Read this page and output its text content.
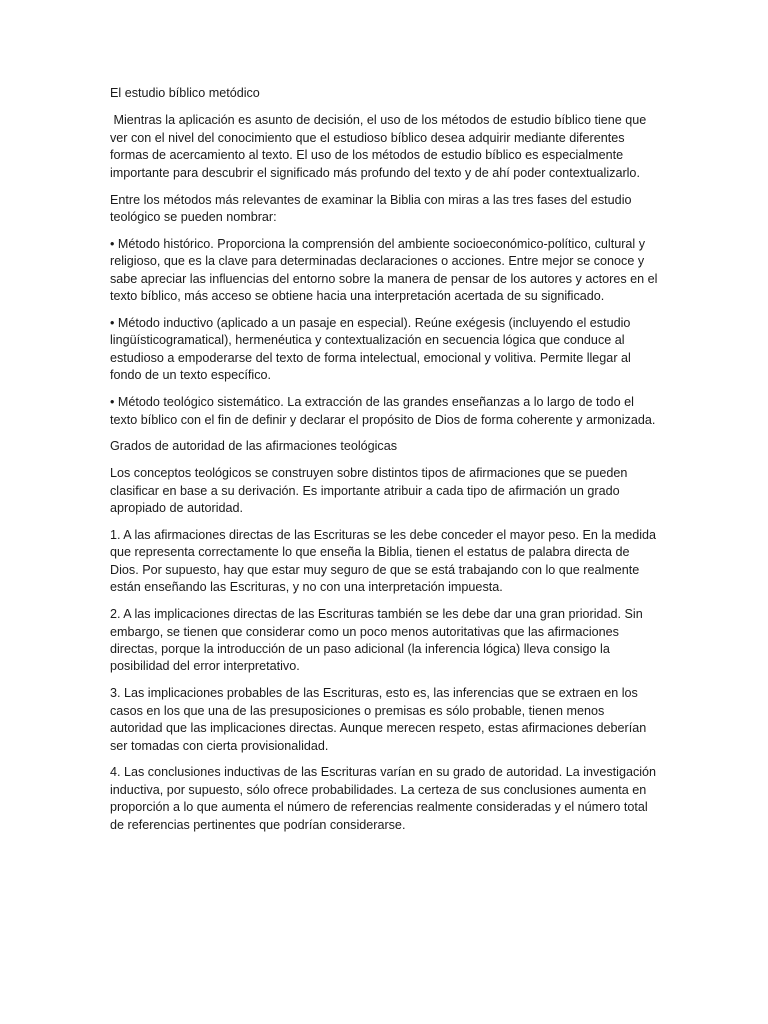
El estudio bíblico metódico

Mientras la aplicación es asunto de decisión, el uso de los métodos de estudio bíblico tiene que ver con el nivel del conocimiento que el estudioso bíblico desea adquirir mediante diferentes formas de acercamiento al texto. El uso de los métodos de estudio bíblico es especialmente importante para descubrir el significado más profundo del texto y de ahí poder contextualizarlo.

Entre los métodos más relevantes de examinar la Biblia con miras a las tres fases del estudio teológico se pueden nombrar:

• Método histórico. Proporciona la comprensión del ambiente socioeconómico-político, cultural y religioso, que es la clave para determinadas declaraciones o acciones. Entre mejor se conoce y sabe apreciar las influencias del entorno sobre la manera de pensar de los autores y actores en el texto bíblico, más acceso se obtiene hacia una interpretación acertada de su significado.

• Método inductivo (aplicado a un pasaje en especial). Reúne exégesis (incluyendo el estudio lingüísticogramatical), hermenéutica y contextualización en secuencia lógica que conduce al estudioso a empoderarse del texto de forma intelectual, emocional y volitiva. Permite llegar al fondo de un texto específico.

• Método teológico sistemático. La extracción de las grandes enseñanzas a lo largo de todo el texto bíblico con el fin de definir y declarar el propósito de Dios de forma coherente y armonizada.

Grados de autoridad de las afirmaciones teológicas

Los conceptos teológicos se construyen sobre distintos tipos de afirmaciones que se pueden clasificar en base a su derivación. Es importante atribuir a cada tipo de afirmación un grado apropiado de autoridad.

1. A las afirmaciones directas de las Escrituras se les debe conceder el mayor peso. En la medida que representa correctamente lo que enseña la Biblia, tienen el estatus de palabra directa de Dios. Por supuesto, hay que estar muy seguro de que se está trabajando con lo que realmente están enseñando las Escrituras, y no con una interpretación impuesta.

2. A las implicaciones directas de las Escrituras también se les debe dar una gran prioridad. Sin embargo, se tienen que considerar como un poco menos autoritativas que las afirmaciones directas, porque la introducción de un paso adicional (la inferencia lógica) lleva consigo la posibilidad del error interpretativo.

3. Las implicaciones probables de las Escrituras, esto es, las inferencias que se extraen en los casos en los que una de las presuposiciones o premisas es sólo probable, tienen menos autoridad que las implicaciones directas. Aunque merecen respeto, estas afirmaciones deberían ser tomadas con cierta provisionalidad.

4. Las conclusiones inductivas de las Escrituras varían en su grado de autoridad. La investigación inductiva, por supuesto, sólo ofrece probabilidades. La certeza de sus conclusiones aumenta en proporción a lo que aumenta el número de referencias realmente consideradas y el número total de referencias pertinentes que podrían considerarse.
